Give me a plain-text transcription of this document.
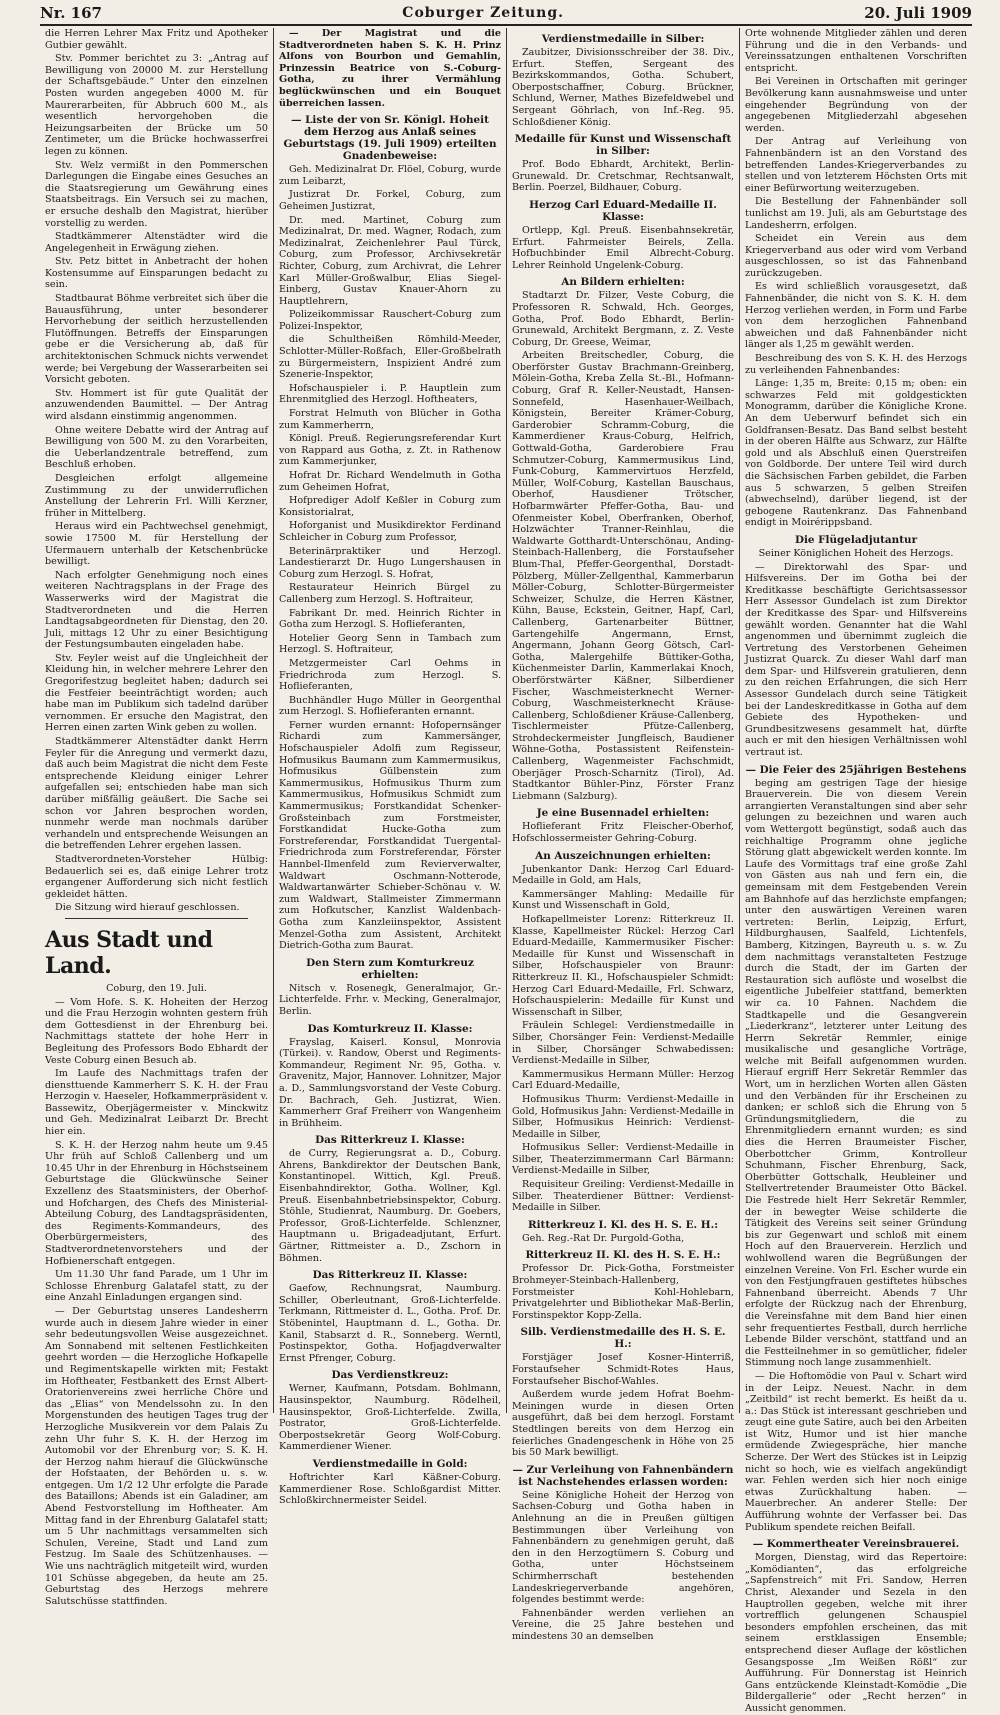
Nr. 167	Coburger Zeitung.	20. Juli 1909

die Herren Lehrer Max Fritz und Apotheker Gutbier gewählt.

Stv. Pommer berichtet zu 3: „Antrag auf Bewilligung von 20000 M. zur Herstellung der Schaftsgebäude.“ Unter den einzelnen Posten wurden angegeben 4000 M. für Maurerarbeiten, für Abbruch 600 M., als wesentlich hervorgehoben die Heizungsarbeiten der Brücke um 50 Zentimeter, um die Brücke hochwasserfrei legen zu können.

Stv. Welz vermißt in den Pommerschen Darlegungen die Eingabe eines Gesuches an die Staatsregierung um Gewährung eines Staatsbeitrags. Ein Versuch sei zu machen, er ersuche deshalb den Magistrat, hierüber vorstellig zu werden.

Stadtkämmerer Altenstädter wird die Angelegenheit in Erwägung ziehen.

Stv. Petz bittet in Anbetracht der hohen Kostensumme auf Einsparungen bedacht zu sein.

Stadtbaurat Böhme verbreitet sich über die Bauausführung, unter besonderer Hervorhebung der seitlich herzustellenden Flutöffnungen. Betreffs der Einsparungen gebe er die Versicherung ab, daß für architektonischen Schmuck nichts verwendet werde; bei Vergebung der Wasserarbeiten sei Vorsicht geboten.

Stv. Hommert ist für gute Qualität der anzuwendenden Baumittel. — Der Antrag wird alsdann einstimmig angenommen.

Ohne weitere Debatte wird der Antrag auf Bewilligung von 500 M. zu den Vorarbeiten, die Ueberlandzentrale betreffend, zum Beschluß erhoben.

Desgleichen erfolgt allgemeine Zustimmung zu der unwiderruflichen Anstellung der Lehrerin Frl. Willi Kerzner, früher in Mittelberg.

Heraus wird ein Pachtwechsel genehmigt, sowie 17500 M. für Herstellung der Ufermauern unterhalb der Ketschenbrücke bewilligt.

Nach erfolgter Genehmigung noch eines weiteren Nachtragsplans in der Frage des Wasserwerks wird der Magistrat die Stadtverordneten und die Herren Landtagsabgeordneten für Dienstag, den 20. Juli, mittags 12 Uhr zu einer Besichtigung der Festungsumbauten eingeladen habe.

Stv. Feyler weist auf die Ungleichheit der Kleidung hin, in welcher mehrere Lehrer den Gregorifestzug begleitet haben; dadurch sei die Festfeier beeinträchtigt worden; auch habe man im Publikum sich tadelnd darüber vernommen. Er ersuche den Magistrat, den Herren einen zarten Wink geben zu wollen.

Stadtkämmerer Altenstädter dankt Herrn Feyler für die Anregung und vermerkt dazu, daß auch beim Magistrat die nicht dem Feste entsprechende Kleidung einiger Lehrer aufgefallen sei; entschieden habe man sich darüber mißfällig geäußert. Die Sache sei schon vor Jahren besprochen worden, nunmehr werde man nochmals darüber verhandeln und entsprechende Weisungen an die betreffenden Lehrer ergehen lassen.

Stadtverordneten-Vorsteher Hülbig: Bedauerlich sei es, daß einige Lehrer trotz ergangener Aufforderung sich nicht festlich gekleidet hätten.

Die Sitzung wird hierauf geschlossen.

Aus Stadt und Land.

Coburg, den 19. Juli.

— Vom Hofe. S. K. Hoheiten der Herzog und die Frau Herzogin wohnten gestern früh dem Gottesdienst in der Ehrenburg bei. Nachmittags stattete der hohe Herr in Begleitung des Professors Bodo Ebhardt der Veste Coburg einen Besuch ab.

Im Laufe des Nachmittags trafen der diensttuende Kammerherr S. K. H. der Frau Herzogin v. Haeseler, Hofkammerpräsident v. Bassewitz, Oberjägermeister v. Minckwitz und Geh. Medizinalrat Leibarzt Dr. Brecht hier ein.

S. K. H. der Herzog nahm heute um 9.45 Uhr früh auf Schloß Callenberg und um 10.45 Uhr in der Ehrenburg in Höchstseinem Geburtstage die Glückwünsche Seiner Exzellenz des Staatsministers, der Oberhof- und Hofchargen, des Chefs des Ministerial-Abteilung Coburg, des Landtagspräsidenten, des Regiments-Kommandeurs, des Oberbürgermeisters, des Stadtverordnetenvorstehers und der Hofbienerschaft entgegen.

Um 11.30 Uhr fand Parade, um 1 Uhr im Schlosse Ehrenburg Galatafel statt, zu der eine Anzahl Einladungen ergangen sind.

— Der Geburtstag unseres Landesherrn wurde auch in diesem Jahre wieder in einer sehr bedeutungsvollen Weise ausgezeichnet. Am Sonnabend mit seltenen Festlichkeiten geehrt worden — die Herzogliche Hofkapelle und Regimentskapelle wirkten mit; Festakt im Hoftheater, Festbankett des Ernst Albert-Oratorienvereins zwei herrliche Chöre und das „Elias“ von Mendelssohn zu. In den Morgenstunden des heutigen Tages trug der Herzogliche Musikverein vor dem Palais Zu zehn Uhr fuhr S. K. H. der Herzog im Automobil vor der Ehrenburg vor; S. K. H. der Herzog nahm hierauf die Glückwünsche der Hofstaaten, der Behörden u. s. w. entgegen. Um 1/2 12 Uhr erfolgte die Parade des Bataillons; Abends ist ein Galadiner, am Abend Festvorstellung im Hoftheater. Am Mittag fand in der Ehrenburg Galatafel statt; um 5 Uhr nachmittags versammelten sich Schulen, Vereine, Stadt und Land zum Festzug. Im Saale des Schützenhauses. — Wie uns nachträglich mitgeteilt wird, wurden 101 Schüsse abgegeben, da heute am 25. Geburtstag des Herzogs mehrere Salutschüsse stattfinden.

— Der Magistrat und die Stadtverordneten haben S. K. H. Prinz Alfons von Bourbon und Gemahlin, Prinzessin Beatrice von S.-Coburg-Gotha, zu ihrer Vermählung beglückwünschen und ein Bouquet überreichen lassen.

— Liste der von Sr. Königl. Hoheit dem Herzog aus Anlaß seines Geburtstags (19. Juli 1909) erteilten Gnadenbeweise:

Geh. Medizinalrat Dr. Flöel, Coburg, wurde zum Leibarzt,

Justizrat Dr. Forkel, Coburg, zum Geheimen Justizrat,

Dr. med. Martinet, Coburg zum Medizinalrat, Dr. med. Wagner, Rodach, zum Medizinalrat, Zeichenlehrer Paul Türck, Coburg, zum Professor, Archivsekretär Richter, Coburg, zum Archivrat, die Lehrer Karl Müller-Großwalbur, Elias Siegel-Einberg, Gustav Knauer-Ahorn zu Hauptlehrern,

Polizeikommissar Rauschert-Coburg zum Polizei-Inspektor,

die Schultheißen Römhild-Meeder, Schlotter-Müller-Roßfach, Eller-Großbelrath zu Bürgermeistern, Inspizient André zum Szenerie-Inspektor,

Hofschauspieler i. P. Hauptlein zum Ehrenmitglied des Herzogl. Hoftheaters,

Forstrat Helmuth von Blücher in Gotha zum Kammerherrn,

Königl. Preuß. Regierungsreferendar Kurt von Rappard aus Gotha, z. Zt. in Rathenow zum Kammerjunker,

Hofrat Dr. Richard Wendelmuth in Gotha zum Geheimen Hofrat,

Hofprediger Adolf Keßler in Coburg zum Konsistorialrat,

Hoforganist und Musikdirektor Ferdinand Schleicher in Coburg zum Professor,

Beterinärpraktiker und Herzogl. Landestierarzt Dr. Hugo Lungershausen in Coburg zum Herzogl. S. Hofrat,

Restaurateur Heinrich Bürgel zu Callenberg zum Herzogl. S. Hoftraiteur,

Fabrikant Dr. med. Heinrich Richter in Gotha zum Herzogl. S. Hoflieferanten,

Hotelier Georg Senn in Tambach zum Herzogl. S. Hoftraiteur,

Metzgermeister Carl Oehms in Friedrichroda zum Herzogl. S. Hoflieferanten,

Buchhändler Hugo Müller in Georgenthal zum Herzogl. S. Hoflieferanten ernannt.

Ferner wurden ernannt: Hofopernsänger Richardi zum Kammersänger, Hofschauspieler Adolfi zum Regisseur, Hofmusikus Baumann zum Kammermusikus, Hofmusikus Gülbenstein zum Kammermusikus, Hofmusikus Thurm zum Kammermusikus, Hofmusikus Schmidt zum Kammermusikus; Forstkandidat Schenker-Großsteinbach zum Forstmeister, Forstkandidat Hucke-Gotha zum Forstreferendar, Forstkandidat Tuergental-Friedrichroda zum Forstreferendar, Förster Hannbel-Ilmenfeld zum Revierverwalter, Waldwart Oschmann-Notterode, Waldwartanwärter Schieber-Schönau v. W. zum Waldwart, Stallmeister Zimmermann zum Hofkutscher, Kanzlist Waldenbach-Gotha zum Kanzleiinspektor, Assistent Menzel-Gotha zum Assistent, Architekt Dietrich-Gotha zum Baurat.

Den Stern zum Komturkreuz erhielten:

Nitsch v. Rosenegk, Generalmajor, Gr.-Lichterfelde. Frhr. v. Mecking, Generalmajor, Berlin.

Das Komturkreuz II. Klasse:

Frayslag, Kaiserl. Konsul, Monrovia (Türkei). v. Randow, Oberst und Regiments-Kommandeur, Regiment Nr. 95, Gotha. v. Gravenitz, Major, Hannover. Lohnitzer, Major a. D., Sammlungsvorstand der Veste Coburg. Dr. Bachrach, Geh. Justizrat, Wien. Kammerherr Graf Freiherr von Wangenheim in Brühheim.

Das Ritterkreuz I. Klasse:

de Curry, Regierungsrat a. D., Coburg. Ahrens, Bankdirektor der Deutschen Bank, Konstantinopel. Wittich, Kgl. Preuß. Eisenbahndirektor, Gotha. Wollner, Kgl. Preuß. Eisenbahnbetriebsinspektor, Coburg. Stöhle, Studienrat, Naumburg. Dr. Goebers, Professor, Groß-Lichterfelde. Schlenzner, Hauptmann u. Brigadeadjutant, Erfurt. Gärtner, Rittmeister a. D., Zschorn in Böhmen.

Das Ritterkreuz II. Klasse:

Gaefow, Rechnungsrat, Naumburg. Schiller, Oberleutnant, Groß-Lichterfelde. Terkmann, Rittmeister d. L., Gotha. Prof. Dr. Stöbenintel, Hauptmann d. L., Gotha. Dr. Kanil, Stabsarzt d. R., Sonneberg. Werntl, Postinspektor, Gotha. Hofjagdverwalter Ernst Pfrenger, Coburg.

Das Verdienstkreuz:

Werner, Kaufmann, Potsdam. Bohlmann, Hausinspektor, Naumburg. Rödelheil, Hausinspektor, Groß-Lichterfelde. Zwilla, Postrator, Groß-Lichterfelde. Oberpostsekretär Georg Wolf-Coburg. Kammerdiener Wiener.

Verdienstmedaille in Gold:

Hoftrichter Karl Käßner-Coburg. Kammerdiener Rose. Schloßgardist Mitter. Schloßkirchnermeister Seidel.

Verdienstmedaille in Silber:

Zaubitzer, Divisionsschreiber der 38. Div., Erfurt. Steffen, Sergeant des Bezirkskommandos, Gotha. Schubert, Oberpostschaffner, Coburg. Brückner, Schlund, Werner, Mathes Bizefeldwebel und Sergeant Göhrlach, von Inf.-Reg. 95. Schloßdiener König.

Medaille für Kunst und Wissenschaft in Silber:

Prof. Bodo Ebhardt, Architekt, Berlin-Grunewald. Dr. Cretschmar, Rechtsanwalt, Berlin. Poerzel, Bildhauer, Coburg.

Herzog Carl Eduard-Medaille II. Klasse:

Ortlepp, Kgl. Preuß. Eisenbahnsekretär, Erfurt. Fahrmeister Beirels, Zella. Hofbuchbinder Emil Albrecht-Coburg. Lehrer Reinhold Ungelenk-Coburg.

An Bildern erhielten:

Stadtarzt Dr. Filzer, Veste Coburg, die Professoren R. Schwald, Hch. Georges, Gotha, Prof. Bodo Ebhardt, Berlin-Grunewald, Architekt Bergmann, z. Z. Veste Coburg, Dr. Greese, Weimar,

Arbeiten Breitschedler, Coburg, die Oberförster Gustav Brachmann-Greinberg, Mölein-Gotha, Kreba Zella St.-Bl., Hofmann-Coburg, Graf R. Keller-Neustadt, Hansen-Sonnefeld, Hasenhauer-Weilbach, Königstein, Bereiter Krämer-Coburg, Garderobier Schramm-Coburg, die Kammerdiener Kraus-Coburg, Helfrich, Gottwald-Gotha, Garderobiere Frau Schmutzer-Coburg, Kammermusikus Lind, Funk-Coburg, Kammervirtuos Herzfeld, Müller, Wolf-Coburg, Kastellan Bauschaus, Oberhof, Hausdiener Trötscher, Hofbarmwärter Pfeffer-Gotha, Bau- und Ofenmeister Kobel, Oberfranken, Oberhof, Holzwächter Tranner-Reinhlau, die Waldwarte Gotthardt-Unterschönau, Anding-Steinbach-Hallenberg, die Forstaufseher Blum-Thal, Pfeffer-Georgenthal, Dorstadt-Pölzberg, Müller-Zellgenthal, Kammerbarun Möller-Coburg, Schlotter-Bürgermeister Schweizer, Schulze, die Herren Kästner, Kühn, Bause, Eckstein, Geitner, Hapf, Carl, Callenberg, Gartenarbeiter Büttner, Gartengehilfe Angermann, Ernst, Angermann, Johann Georg Götsch, Carl-Gotha, Malergehilfe Büttiker-Gotha, Küchenmeister Darlin, Kammerlakai Knoch, Oberförstwärter Käßner, Silberdiener Fischer, Waschmeisterknecht Werner-Coburg, Waschmeisterknecht Kräuse-Callenberg, Schloßdiener Kräuse-Callenberg, Tischlermeister Pfütze-Callenberg, Strohdeckermeister Jungfleisch, Baudiener Wöhne-Gotha, Postassistent Reifenstein-Callenberg, Wagenmeister Fachschmidt, Oberjäger Prosch-Scharnitz (Tirol), Ad. Stadtkantor Bühler-Pinz, Förster Franz Liebmann (Salzburg).

Je eine Busennadel erhielten:

Hoflieferant Fritz Fleischer-Oberhof, Hofschlossermeister Gehring-Coburg.

An Auszeichnungen erhielten:

Jubenkantor Dank: Herzog Carl Eduard-Medaille in Gold, am Hals,

Kammersänger Mahling: Medaille für Kunst und Wissenschaft in Gold,

Hofkapellmeister Lorenz: Ritterkreuz II. Klasse, Kapellmeister Rückel: Herzog Carl Eduard-Medaille, Kammermusiker Fischer: Medaille für Kunst und Wissenschaft in Silber, Hofschauspieler von Braunr: Ritterkreuz II. Kl., Hofschauspieler Schmidt: Herzog Carl Eduard-Medaille, Frl. Schwarz, Hofschauspielerin: Medaille für Kunst und Wissenschaft in Silber,

Fräulein Schlegel: Verdienstmedaille in Silber, Chorsänger Fein: Verdienst-Medaille in Silber, Chorsänger Schwabedissen: Verdienst-Medaille in Silber,

Kammermusikus Hermann Müller: Herzog Carl Eduard-Medaille,

Hofmusikus Thurm: Verdienst-Medaille in Gold, Hofmusikus Jahn: Verdienst-Medaille in Silber, Hofmusikus Heinrich: Verdienst-Medaille in Silber,

Hofmusikus Seller: Verdienst-Medaille in Silber, Theaterzimmermann Carl Bärmann: Verdienst-Medaille in Silber,

Requisiteur Greiling: Verdienst-Medaille in Silber. Theaterdiener Büttner: Verdienst-Medaille in Silber.

Ritterkreuz I. Kl. des H. S. E. H.:

Geh. Reg.-Rat Dr. Purgold-Gotha,

Ritterkreuz II. Kl. des H. S. E. H.:

Professor Dr. Pick-Gotha, Forstmeister Brohmeyer-Steinbach-Hallenberg, Forstmeister Kohl-Hohlebarn, Privatgelehrter und Bibliothekar Maß-Berlin, Forstinspektor Kopp-Zella.

Silb. Verdienstmedaille des H. S. E. H.:

Forstjäger Josef Kosner-Hinterriß, Forstaufseher Schmidt-Rotes Haus, Forstaufseher Bischof-Wahles.

Außerdem wurde jedem Hofrat Boehm-Meiningen wurde in diesen Orten ausgeführt, daß bei dem herzogl. Forstamt Stedtlingen bereits von dem Herzog ein feierliches Gnadengeschenk in Höhe von 25 bis 50 Mark bewilligt.

— Zur Verleihung von Fahnenbändern ist Nachstehendes erlassen worden:

Seine Königliche Hoheit der Herzog von Sachsen-Coburg und Gotha haben in Anlehnung an die in Preußen gültigen Bestimmungen über Verleihung von Fahnenbändern zu genehmigen geruht, daß den in den Herzogtümern S. Coburg und Gotha, unter Höchstseinem Schirmherrschaft bestehenden Landeskriegerverbande angehören, folgendes bestimmt werde:

Fahnenbänder werden verliehen an Vereine, die 25 Jahre bestehen und mindestens 30 an demselben

Orte wohnende Mitglieder zählen und deren Führung und die in den Verbands- und Vereinssatzungen enthaltenen Vorschriften entspricht.

Bei Vereinen in Ortschaften mit geringer Bevölkerung kann ausnahmsweise und unter eingehender Begründung von der angegebenen Mitgliederzahl abgesehen werden.

Der Antrag auf Verleihung von Fahnenbändern ist an den Vorstand des betreffenden Landes-Kriegerverbandes zu stellen und von letzterem Höchsten Orts mit einer Befürwortung weiterzugeben.

Die Bestellung der Fahnenbänder soll tunlichst am 19. Juli, als am Geburtstage des Landesherrn, erfolgen.

Scheidet ein Verein aus dem Kriegerverband aus oder wird vom Verband ausgeschlossen, so ist das Fahnenband zurückzugeben.

Es wird schließlich vorausgesetzt, daß Fahnenbänder, die nicht von S. K. H. dem Herzog verliehen werden, in Form und Farbe von dem herzoglichen Fahnenband abweichen und daß Fahnenbänder nicht länger als 1,25 m gewählt werden.

Beschreibung des von S. K. H. des Herzogs zu verleihenden Fahnenbandes:

Länge: 1,35 m, Breite: 0,15 m; oben: ein schwarzes Feld mit goldgestickten Monogramm, darüber die Königliche Krone. An dem Ueberwurf befindet sich ein Goldfransen-Besatz. Das Band selbst besteht in der oberen Hälfte aus Schwarz, zur Hälfte gold und als Abschluß einen Querstreifen von Goldborde. Der untere Teil wird durch die Sächsischen Farben gebildet, die Farben aus 5 schwarzen, 5 gelben Streifen (abwechselnd), darüber liegend, ist der gebogene Rautenkranz. Das Fahnenband endigt in Moirérippsband.

Die Flügeladjutantur

Seiner Königlichen Hoheit des Herzogs.

— Direktorwahl des Spar- und Hilfsvereins. Der im Gotha bei der Kreditkasse beschäftigte Gerichtsassessor Herr Assessor Gundelach ist zum Direktor der Kreditkasse des Spar- und Hilfsvereins gewählt worden. Genannter hat die Wahl angenommen und übernimmt zugleich die Vertretung des Verstorbenen Geheimen Justizrat Quarck. Zu dieser Wahl darf man dem Spar- und Hilfsverein gratulieren, denn zu den reichen Erfahrungen, die sich Herr Assessor Gundelach durch seine Tätigkeit bei der Landeskreditkasse in Gotha auf dem Gebiete des Hypotheken- und Grundbesitzwesens gesammelt hat, dürfte auch er mit den hiesigen Verhältnissen wohl vertraut ist.

— Die Feier des 25jährigen Bestehens

beging am gestrigen Tage der hiesige Brauerverein. Die von diesem Verein arrangierten Veranstaltungen sind aber sehr gelungen zu bezeichnen und waren auch vom Wettergott begünstigt, sodaß auch das reichhaltige Programm ohne jegliche Störung glatt abgewickelt werden konnte. Im Laufe des Vormittags traf eine große Zahl von Gästen aus nah und fern ein, die gemeinsam mit dem Festgebenden Verein am Bahnhofe auf das herzlichste empfangen; unter den auswärtigen Vereinen waren vertreten: Berlin, Leipzig, Erfurt, Hildburghausen, Saalfeld, Lichtenfels, Bamberg, Kitzingen, Bayreuth u. s. w. Zu dem nachmittags veranstalteten Festzuge durch die Stadt, der im Garten der Restauration sich auflöste und woselbst die eigentliche Jubelfeier stattfand, bemerkten wir ca. 10 Fahnen. Nachdem die Stadtkapelle und die Gesangverein „Liederkranz“, letzterer unter Leitung des Herrn Sekretär Remmler, einige musikalische und gesangliche Vorträge, welche mit Beifall aufgenommen wurden. Hierauf ergriff Herr Sekretär Remmler das Wort, um in herzlichen Worten allen Gästen und den Verbänden für ihr Erscheinen zu danken; er schloß sich die Ehrung von 5 Gründungsmitgliedern, die zu Ehrenmitgliedern ernannt wurden; es sind dies die Herren Braumeister Fischer, Oberbottcher Grimm, Kontrolleur Schuhmann, Fischer Ehrenburg, Sack, Oberbütter Gottschalk, Heubleiner und Stellvertretender Braumeister Otto Bäckel. Die Festrede hielt Herr Sekretär Remmler, der in bewegter Weise schilderte die Tätigkeit des Vereins seit seiner Gründung bis zur Gegenwart und schloß mit einem Hoch auf den Brauerverein. Herzlich und wohlwollend waren die Begrüßungen der einzelnen Vereine. Von Frl. Escher wurde ein von den Festjungfrauen gestiftetes hübsches Fahnenband überreicht. Abends 7 Uhr erfolgte der Rückzug nach der Ehrenburg, die Vereinsfahne mit dem Band hier einen sehr frequentiertes Festball, durch herrliche Lebende Bilder verschönt, stattfand und an die Festteilnehmer in so gemütlicher, fideler Stimmung noch lange zusammenhielt.

— Die Hoftomödie von Paul v. Schart wird in der Leipz. Neuest. Nachr. in dem „Zeitbild“ ist recht bemerkt. Es heißt da u. a.: Das Stück ist interessant geschrieben und zeugt eine gute Satire, auch bei den Arbeiten ist Witz, Humor und ist hier manche ermüdende Zwiegespräche, hier manche Scherze. Der Wert des Stückes ist in Leipzig nicht so hoch, wie es vielfach angekündigt war. Fehlen werden sich hier noch einige etwas Zurückhaltung haben. — Mauerbrecher. An anderer Stelle: Der Aufführung wohnte der Verfasser bei. Das Publikum spendete reichen Beifall.

— Kommertheater Vereinsbrauerei.

Morgen, Dienstag, wird das Repertoire: „Komödianten“, das erfolgreiche „Sapfenstreich“ mit Fri. Sandow, Herren Christ, Alexander und Sezela in den Hauptrollen gegeben, welche mit ihrer vortrefflich gelungenen Schauspiel besonders empfohlen erscheinen, das mit seinem erstklassigen Ensemble; entsprechend dieser Auflage der köstlichen Gesangsposse „Im Weißen Rößl“ zur Aufführung. Für Donnerstag ist Heinrich Gans entzückende Kleinstadt-Komödie „Die Bildergallerie“ oder „Recht herzen“ in Aussicht genommen.
